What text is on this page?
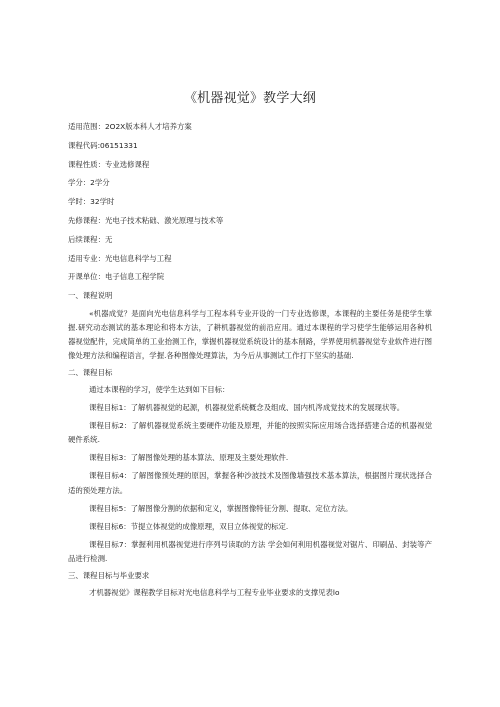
《机器视觉》教学大纲
适用范围：2O2X版本科人才培养方案
课程代码:06151331
课程性质：专业选修课程
学分：2学分
学时：32学时
先修课程：光电子技术粘础、激光原理与技术等
后续课程：无
适用专业：光电信息科学与工程
开课单位：电子信息工程学院
一、课程说明
«机器成觉？是面向光电信息科学与工程本科专业开设的一门专业选修课，本课程的主要任务是使学生掌握.研究动态测试的基本理论和将本方法，了耕机器视觉的前沿应用。通过本课程的学习使学生能够运用各种机器视觉配件，完成简单的工业抬测工作，掌握机器视觉系统设计的基本削路，学界使用机器视觉专业软件进行图像处理方法和编程语言，学握.各种图像处理算法，为今后从事测试工作打下坚实的基础.
二、课程目标
通过本课程的学习，使学生达到如下目标：
课程目标1：了解机器视觉的起源，机器视觉系统概念及组成、国内机涔成觉技术的发展现状等。
课程目标2：了解机器视觉系统主要硬件功能及原理，并能的按照实际应用场合选择搭建合适的机器视觉硬件系统.
课程目标3：了解图像处理的基本算法、原理及主要处理软件.
课程目标4：了解图像预处理的原因，掌握各种沙波技术及图像墙强技术基本算法，根据图片现状选择合适的预处理方法。
课程目标5：了解图像分割的依据和定义，掌握图像特征分割、提取、定位方法。
课程目标6：节提立体视觉的成像原理，双目立体视觉的标定.
课程目标7：掌握利用机器视觉进行序列号读取的方法 学会如何利用机器视觉对锯片、印刷品、封装等产品进行检测.
三、课程目标与毕业要求
才机器视觉》课程教学目标对光电信息科学与工程专业毕业要求的支撑见表lo
